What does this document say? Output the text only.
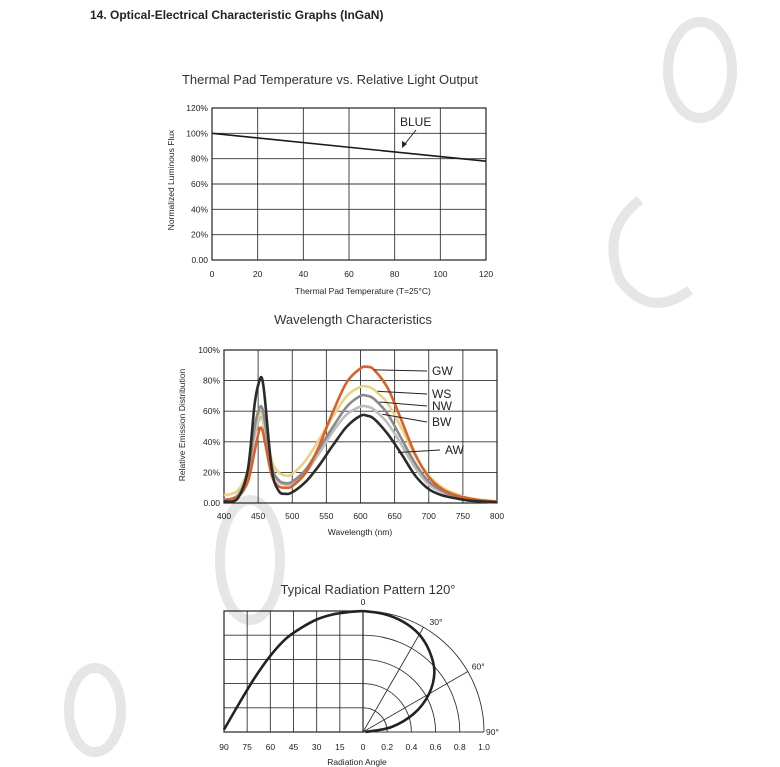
14. Optical-Electrical Characteristic Graphs (InGaN)
Thermal Pad Temperature vs. Relative Light Output
0.00
20%
40%
60%
80%
100%
120%
0	20	40	60	80	100	120
Thermal Pad Temperature (T=25°C)
Normalized Luminous Flux
BLUE
Wavelength Characteristics
0.00
20%
40%
60%
80%
100%
400 450 500 550 600 650 700 750 800
Wavelength (nm)
Relative Emission Distribution	GW
WS
NW
BW
AW
Typical Radiation Pattern 120°
90 75 60 45 30 15 0 0.2 0.4 0.6 0.8 1.0
0
30°
60°
90°
Radiation Angle
